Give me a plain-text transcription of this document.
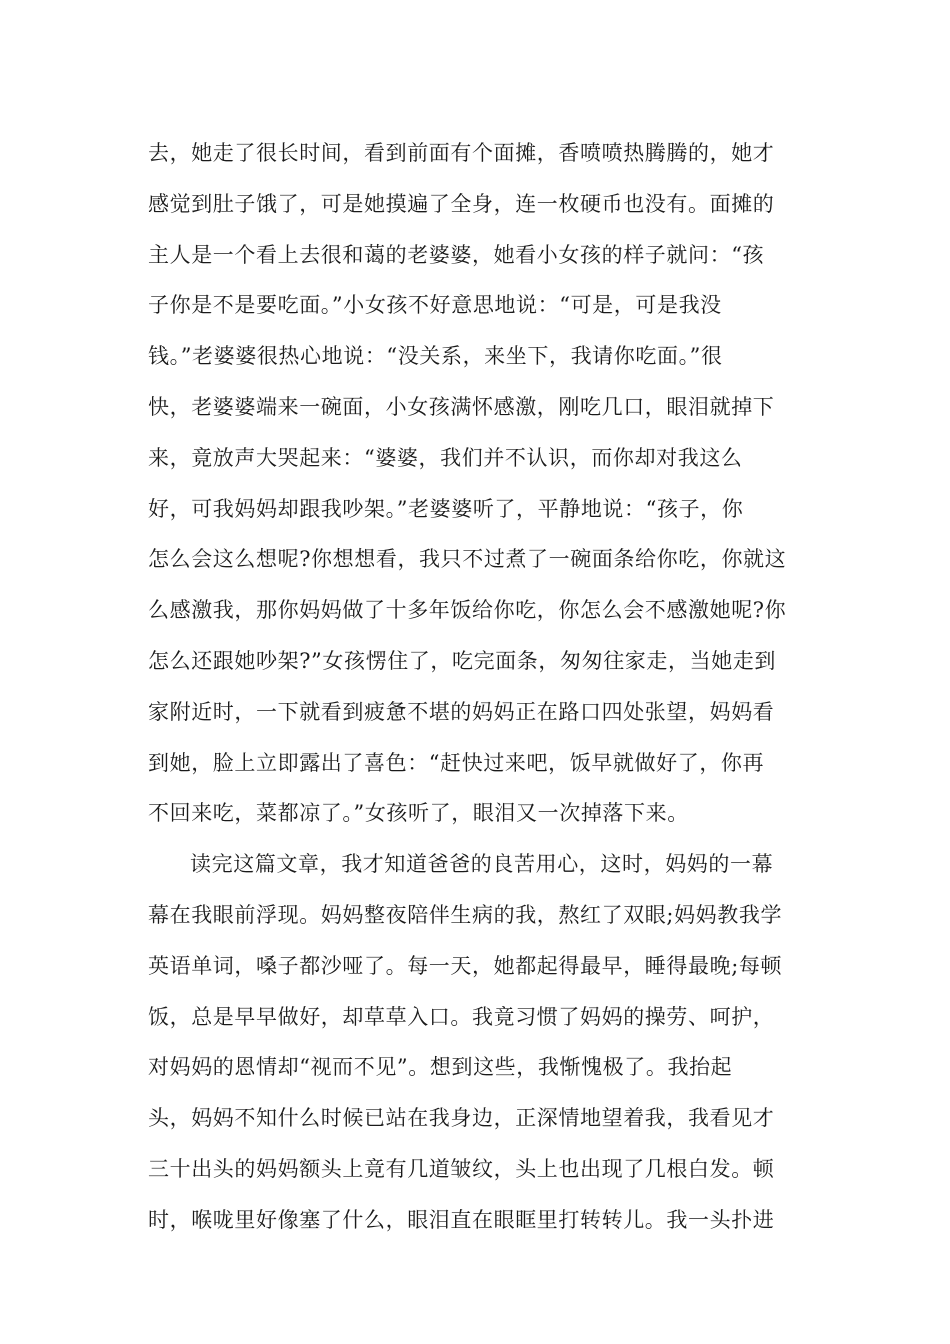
去，她走了很长时间，看到前面有个面摊，香喷喷热腾腾的，她才
感觉到肚子饿了，可是她摸遍了全身，连一枚硬币也没有。面摊的
主人是一个看上去很和蔼的老婆婆，她看小女孩的样子就问：“孩
子你是不是要吃面。”小女孩不好意思地说：“可是，可是我没
钱。”老婆婆很热心地说：“没关系，来坐下，我请你吃面。”很
快，老婆婆端来一碗面，小女孩满怀感激，刚吃几口，眼泪就掉下
来，竟放声大哭起来：“婆婆，我们并不认识，而你却对我这么
好，可我妈妈却跟我吵架。”老婆婆听了，平静地说：“孩子，你
怎么会这么想呢?你想想看，我只不过煮了一碗面条给你吃，你就这
么感激我，那你妈妈做了十多年饭给你吃，你怎么会不感激她呢?你
怎么还跟她吵架?”女孩愣住了，吃完面条，匆匆往家走，当她走到
家附近时，一下就看到疲惫不堪的妈妈正在路口四处张望，妈妈看
到她，脸上立即露出了喜色：“赶快过来吧，饭早就做好了，你再
不回来吃，菜都凉了。”女孩听了，眼泪又一次掉落下来。
读完这篇文章，我才知道爸爸的良苦用心，这时，妈妈的一幕
幕在我眼前浮现。妈妈整夜陪伴生病的我，熬红了双眼;妈妈教我学
英语单词，嗓子都沙哑了。每一天，她都起得最早，睡得最晚;每顿
饭，总是早早做好，却草草入口。我竟习惯了妈妈的操劳、呵护，
对妈妈的恩情却“视而不见”。想到这些，我惭愧极了。我抬起
头，妈妈不知什么时候已站在我身边，正深情地望着我，我看见才
三十出头的妈妈额头上竟有几道皱纹，头上也出现了几根白发。顿
时，喉咙里好像塞了什么，眼泪直在眼眶里打转转儿。我一头扑进
